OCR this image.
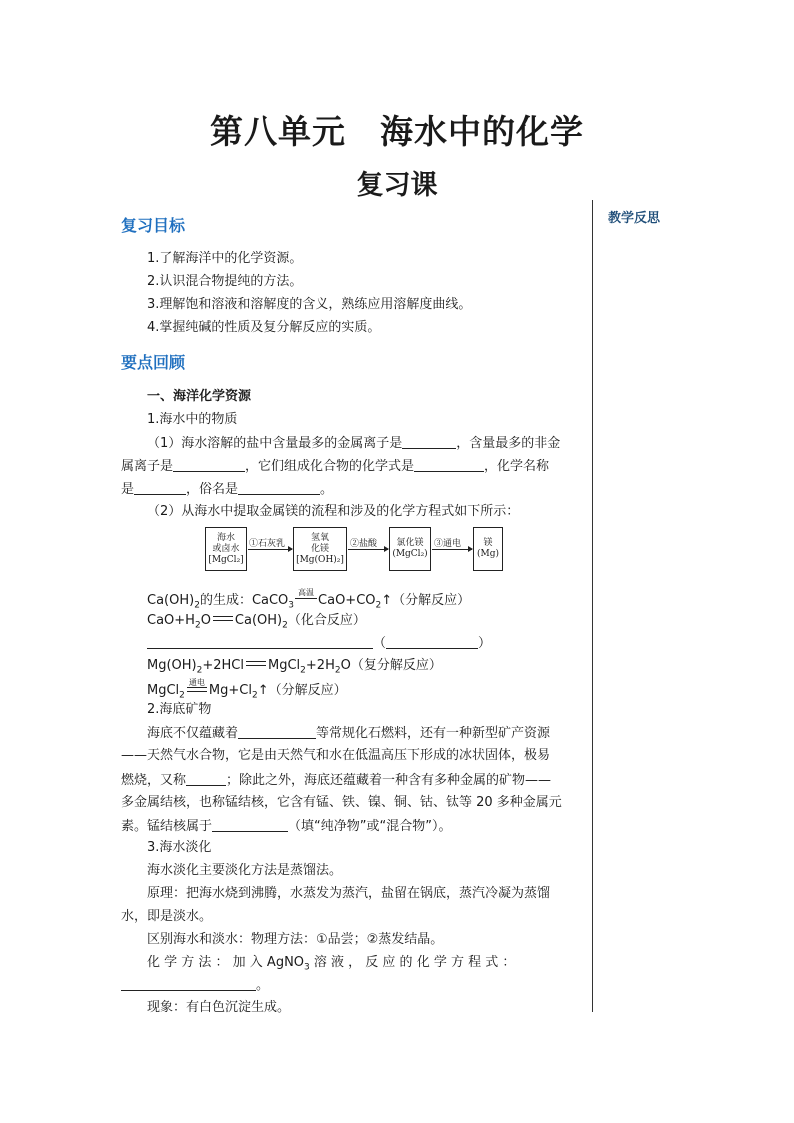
第八单元　海水中的化学
复习课
教学反思
复习目标
1.了解海洋中的化学资源。
2.认识混合物提纯的方法。
3.理解饱和溶液和溶解度的含义，熟练应用溶解度曲线。
4.掌握纯碱的性质及复分解反应的实质。
要点回顾
一、海洋化学资源
1.海水中的物质
（1）海水溶解的盐中含量最多的金属离子是	，含量最多的非金
属离子是	，它们组成化合物的化学式是	，化学名称
是	，俗名是	。
（2）从海水中提取金属镁的流程和涉及的化学方程式如下所示：
海水
或卤水
[MgCl₂]
①石灰乳
氢氧
化镁
[Mg(OH)₂]
②盐酸	氯化镁
(MgCl₂)
③通电	镁
(Mg)
$Ca(OH)_2$的生成：CaCO$_3$
高温
$CaO+CO_2↑$（分解反应）
$CaO+H_2O$ $Ca(OH)_2$（化合反应）
（	）
$Mg(OH)_2+2HCl$ $MgCl_2+2H_2O$（复分解反应）
MgCl$_2$
通电
$Mg+Cl_2↑$（分解反应）
2.海底矿物
海底不仅蕴藏着	等常规化石燃料，还有一种新型矿产资源
——天然气水合物，它是由天然气和水在低温高压下形成的冰状固体，极易
燃烧，又称	；除此之外，海底还蕴藏着一种含有多种金属的矿物——
多金属结核，也称锰结核，它含有锰、铁、镍、铜、钴、钛等 20 多种金属元
素。锰结核属于	（填“纯净物”或“混合物”）。
3.海水淡化
海水淡化主要淡化方法是蒸馏法。
原理：把海水烧到沸腾，水蒸发为蒸汽，盐留在锅底，蒸汽冷凝为蒸馏
水，即是淡水。
区别海水和淡水：物理方法：①品尝；②蒸发结晶。
化 学 方 法 ： 加 入 AgNO$_3$ 溶 液 ， 反 应 的 化 学 方 程 式 ：
。
现象：有白色沉淀生成。
